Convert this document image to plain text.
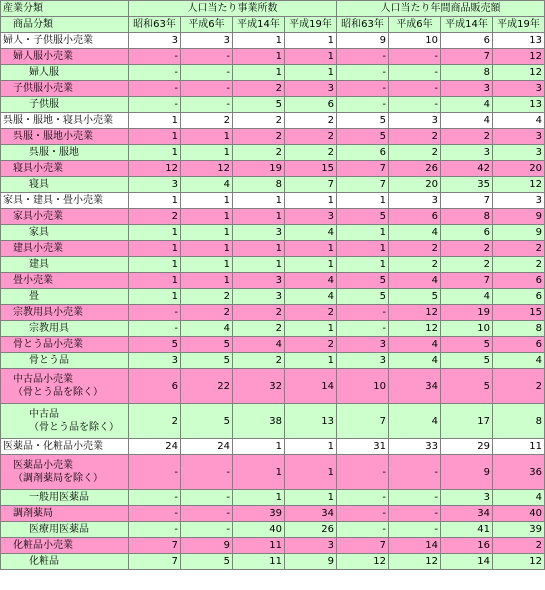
産業分類	人口当たり事業所数				人口当たり年間商品販売額			
商品分類	昭和63年	平成6年	平成14年	平成19年	昭和63年	平成6年	平成14年	平成19年
婦人・子供服小売業	3	3	1	1	9	10	6	13
婦人服小売業	-	-	1	1	-	-	7	12
婦人服	-	-	1	1	-	-	8	12
子供服小売業	-	-	2	3	-	-	3	3
子供服	-	-	5	6	-	-	4	13
呉服・服地・寝具小売業	1	2	2	2	5	3	4	4
呉服・服地小売業	1	1	2	2	5	2	2	3
呉服・服地	1	1	2	2	6	2	3	3
寝具小売業	12	12	19	15	7	26	42	20
寝具	3	4	8	7	7	20	35	12
家具・建具・畳小売業	1	1	1	1	1	3	7	3
家具小売業	2	1	1	3	5	6	8	9
家具	1	1	3	4	1	4	6	9
建具小売業	1	1	1	1	1	2	2	2
建具	1	1	1	1	1	2	2	2
畳小売業	1	1	3	4	5	4	7	6
畳	1	2	3	4	5	5	4	6
宗教用具小売業	-	2	2	2	-	12	19	15
宗教用具	-	4	2	1	-	12	10	8
骨とう品小売業	5	5	4	2	3	4	5	6
骨とう品	3	5	2	1	3	4	5	4
中古品小売業
（骨とう品を除く）	6	22	32	14	10	34	5	2
中古品
（骨とう品を除く）	2	5	38	13	7	4	17	8
医薬品・化粧品小売業	24	24	1	1	31	33	29	11
医薬品小売業
（調剤薬局を除く）	-	-	1	1	-	-	9	36
一般用医薬品	-	-	1	1	-	-	3	4
調剤薬局	-	-	39	34	-	-	34	40
医療用医薬品	-	-	40	26	-	-	41	39
化粧品小売業	7	9	11	3	7	14	16	2
化粧品	7	5	11	9	12	12	14	12
